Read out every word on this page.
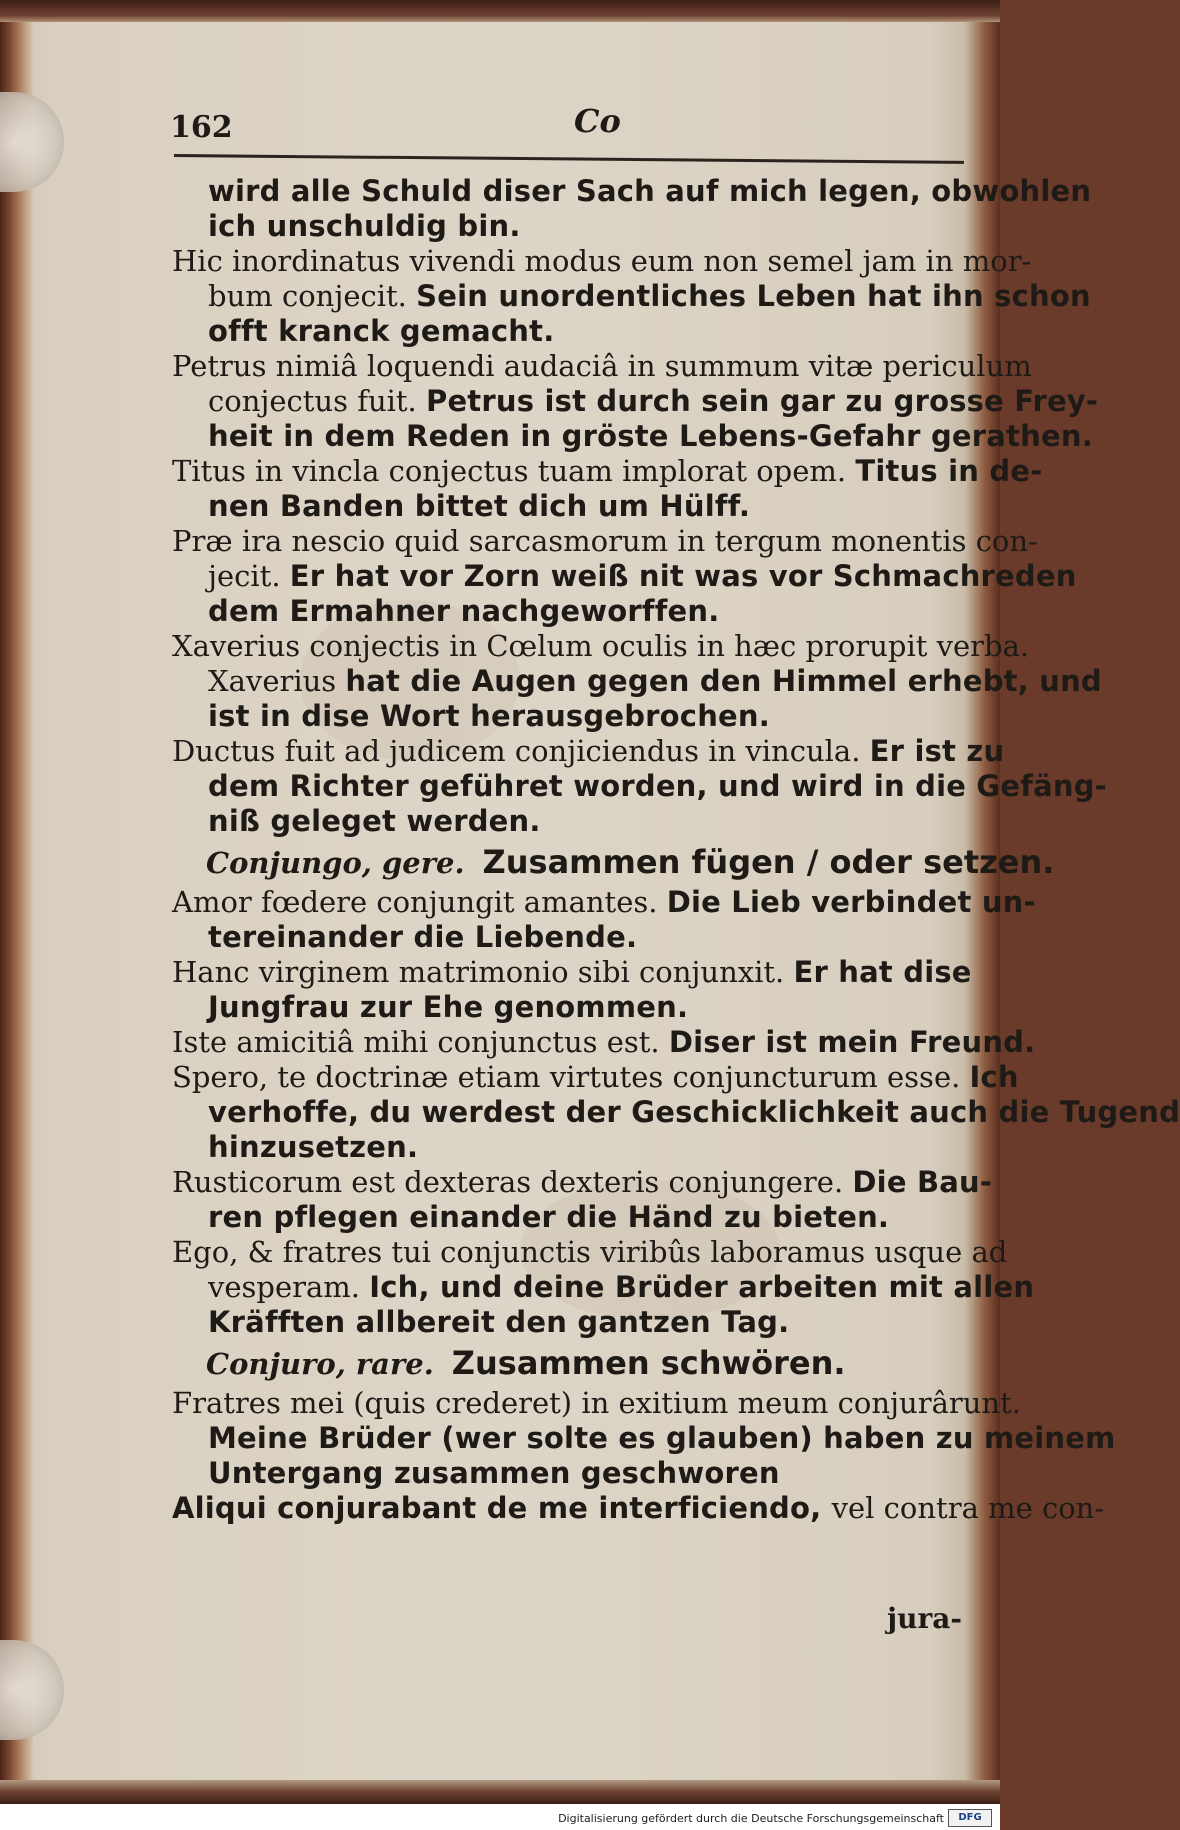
162	Co
wird alle Schuld diser Sach auf mich legen, obwohlen
ich unschuldig bin.
Hic inordinatus vivendi modus eum non semel jam in mor-
bum conjecit. Sein unordentliches Leben hat ihn schon
offt kranck gemacht.
Petrus nimiâ loquendi audaciâ in summum vitæ periculum
conjectus fuit. Petrus ist durch sein gar zu grosse Frey-
heit in dem Reden in gröste Lebens-Gefahr gerathen.
Titus in vincla conjectus tuam implorat opem. Titus in de-
nen Banden bittet dich um Hülff.
Præ ira nescio quid sarcasmorum in tergum monentis con-
jecit. Er hat vor Zorn weiß nit was vor Schmachreden
dem Ermahner nachgeworffen.
Xaverius conjectis in Cœlum oculis in hæc prorupit verba.
Xaverius hat die Augen gegen den Himmel erhebt, und
ist in dise Wort herausgebrochen.
Ductus fuit ad judicem conjiciendus in vincula. Er ist zu
dem Richter geführet worden, und wird in die Gefäng-
niß geleget werden.
Conjungo, gere. Zusammen fügen / oder setzen.
Amor fœdere conjungit amantes. Die Lieb verbindet un-
tereinander die Liebende.
Hanc virginem matrimonio sibi conjunxit. Er hat dise
Jungfrau zur Ehe genommen.
Iste amicitiâ mihi conjunctus est. Diser ist mein Freund.
Spero, te doctrinæ etiam virtutes conjuncturum esse. Ich
verhoffe, du werdest der Geschicklichkeit auch die Tugend
hinzusetzen.
Rusticorum est dexteras dexteris conjungere. Die Bau-
ren pflegen einander die Händ zu bieten.
Ego, & fratres tui conjunctis viribûs laboramus usque ad
vesperam. Ich, und deine Brüder arbeiten mit allen
Kräfften allbereit den gantzen Tag.
Conjuro, rare. Zusammen schwören.
Fratres mei (quis crederet) in exitium meum conjurârunt.
Meine Brüder (wer solte es glauben) haben zu meinem
Untergang zusammen geschworen
Aliqui conjurabant de me interficiendo, vel contra me con-
jura-
Digitalisierung gefördert durch die Deutsche Forschungsgemeinschaft	DFG
